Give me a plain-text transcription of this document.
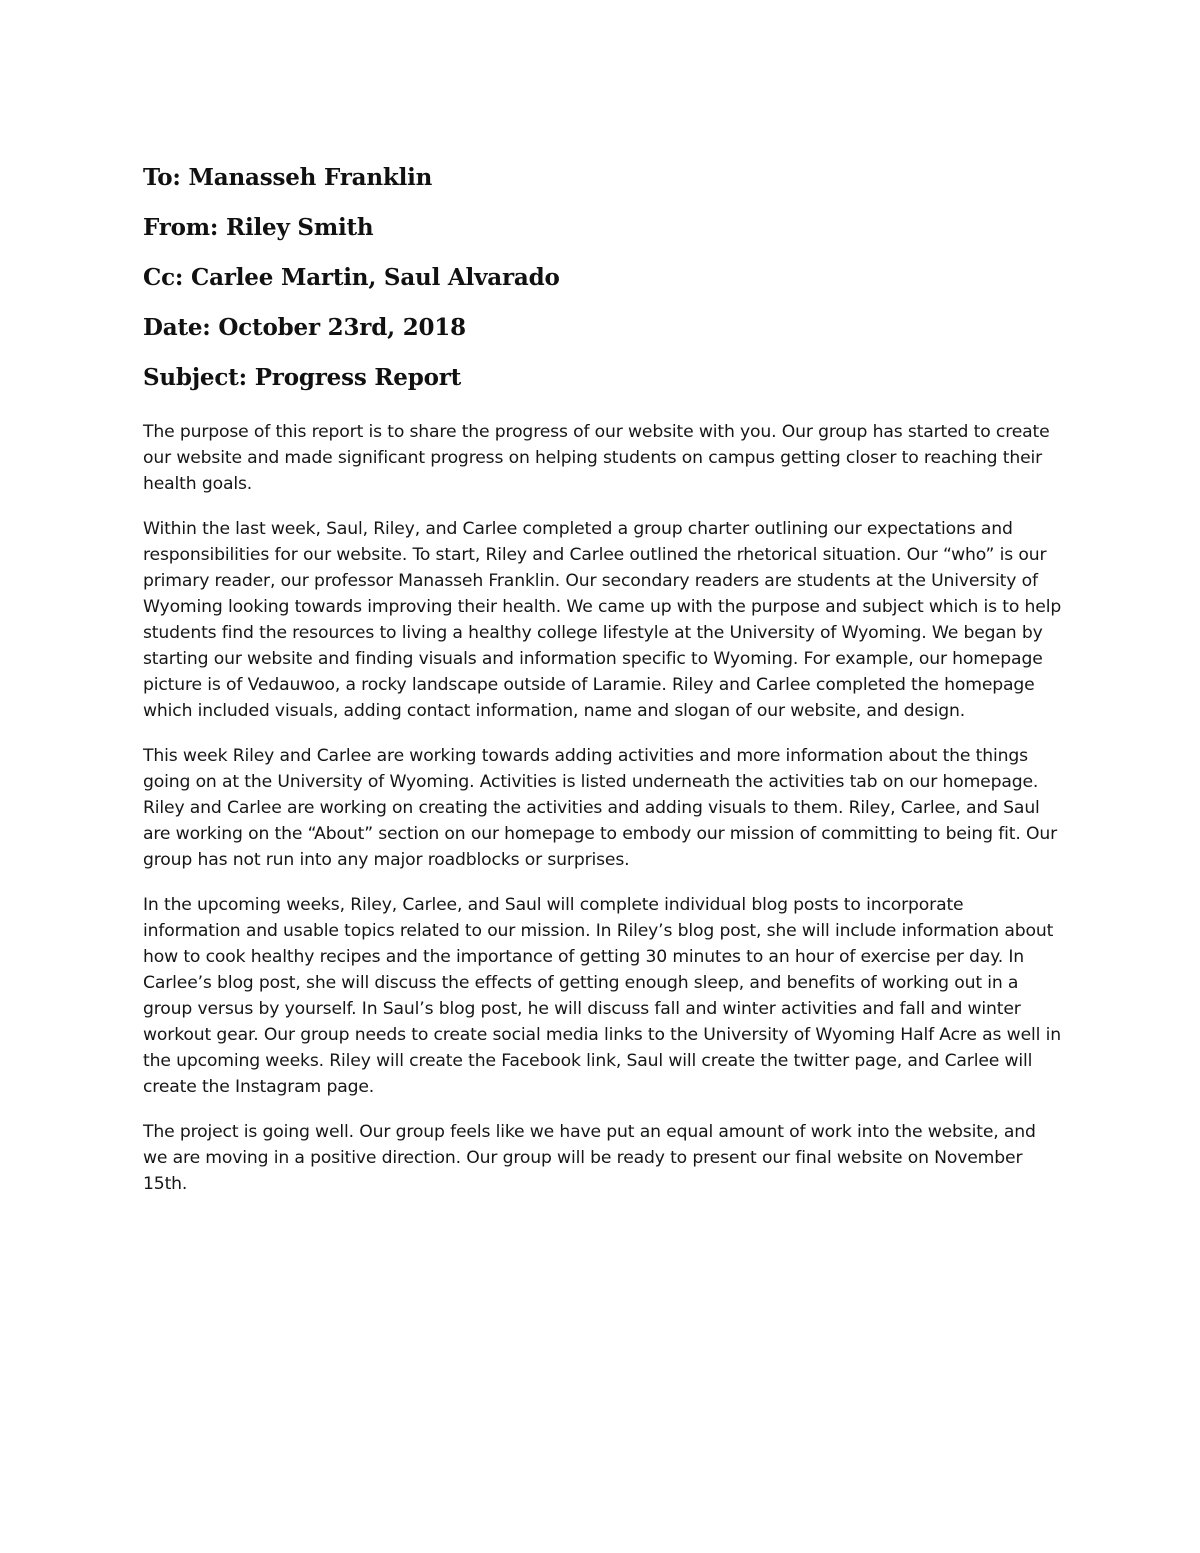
To: Manasseh Franklin
From: Riley Smith
Cc: Carlee Martin, Saul Alvarado
Date: October 23rd, 2018
Subject: Progress Report

The purpose of this report is to share the progress of our website with you. Our group has started to create our website and made significant progress on helping students on campus getting closer to reaching their health goals.

Within the last week, Saul, Riley, and Carlee completed a group charter outlining our expectations and responsibilities for our website. To start, Riley and Carlee outlined the rhetorical situation. Our “who” is our primary reader, our professor Manasseh Franklin. Our secondary readers are students at the University of Wyoming looking towards improving their health. We came up with the purpose and subject which is to help students find the resources to living a healthy college lifestyle at the University of Wyoming. We began by starting our website and finding visuals and information specific to Wyoming. For example, our homepage picture is of Vedauwoo, a rocky landscape outside of Laramie. Riley and Carlee completed the homepage which included visuals, adding contact information, name and slogan of our website, and design.

This week Riley and Carlee are working towards adding activities and more information about the things going on at the University of Wyoming. Activities is listed underneath the activities tab on our homepage. Riley and Carlee are working on creating the activities and adding visuals to them. Riley, Carlee, and Saul are working on the “About” section on our homepage to embody our mission of committing to being fit. Our group has not run into any major roadblocks or surprises.

In the upcoming weeks, Riley, Carlee, and Saul will complete individual blog posts to incorporate information and usable topics related to our mission. In Riley’s blog post, she will include information about how to cook healthy recipes and the importance of getting 30 minutes to an hour of exercise per day. In Carlee’s blog post, she will discuss the effects of getting enough sleep, and benefits of working out in a group versus by yourself. In Saul’s blog post, he will discuss fall and winter activities and fall and winter workout gear. Our group needs to create social media links to the University of Wyoming Half Acre as well in the upcoming weeks. Riley will create the Facebook link, Saul will create the twitter page, and Carlee will create the Instagram page.

The project is going well. Our group feels like we have put an equal amount of work into the website, and we are moving in a positive direction. Our group will be ready to present our final website on November 15th.
